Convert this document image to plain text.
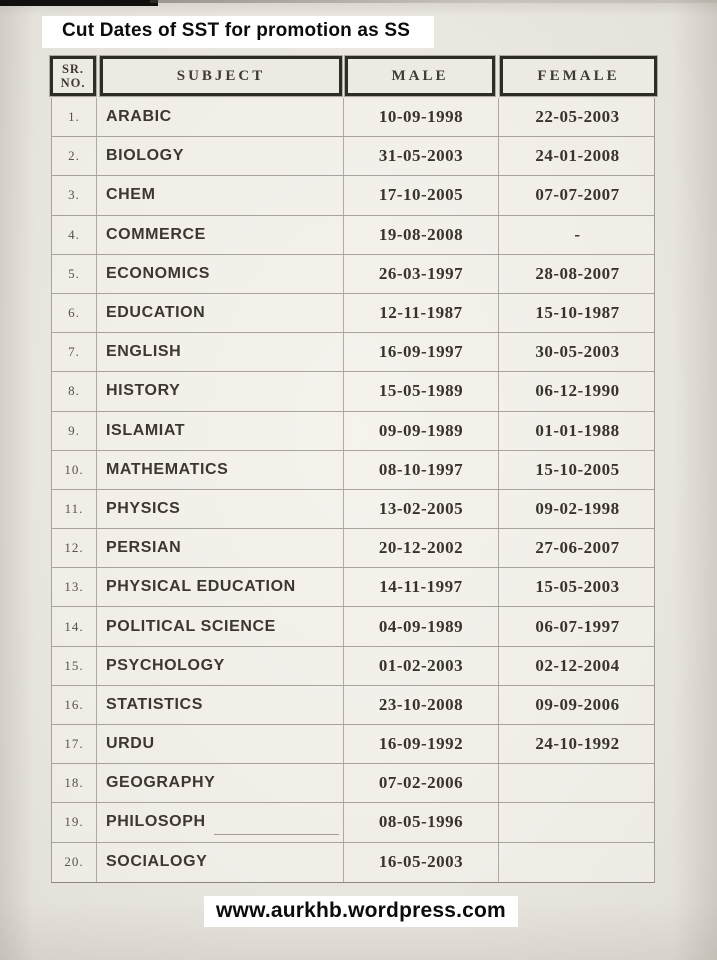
Cut Dates of SST for promotion as SS
SR.
NO.	SUBJECT	MALE	FEMALE
1.	ARABIC	10-09-1998	22-05-2003
2.	BIOLOGY	31-05-2003	24-01-2008
3.	CHEM	17-10-2005	07-07-2007
4.	COMMERCE	19-08-2008	-
5.	ECONOMICS	26-03-1997	28-08-2007
6.	EDUCATION	12-11-1987	15-10-1987
7.	ENGLISH	16-09-1997	30-05-2003
8.	HISTORY	15-05-1989	06-12-1990
9.	ISLAMIAT	09-09-1989	01-01-1988
10.	MATHEMATICS	08-10-1997	15-10-2005
11.	PHYSICS	13-02-2005	09-02-1998
12.	PERSIAN	20-12-2002	27-06-2007
13.	PHYSICAL EDUCATION	14-11-1997	15-05-2003
14.	POLITICAL SCIENCE	04-09-1989	06-07-1997
15.	PSYCHOLOGY	01-02-2003	02-12-2004
16.	STATISTICS	23-10-2008	09-09-2006
17.	URDU	16-09-1992	24-10-1992
18.	GEOGRAPHY	07-02-2006
19.	PHILOSOPH	08-05-1996
20.	SOCIALOGY	16-05-2003
www.aurkhb.wordpress.com
